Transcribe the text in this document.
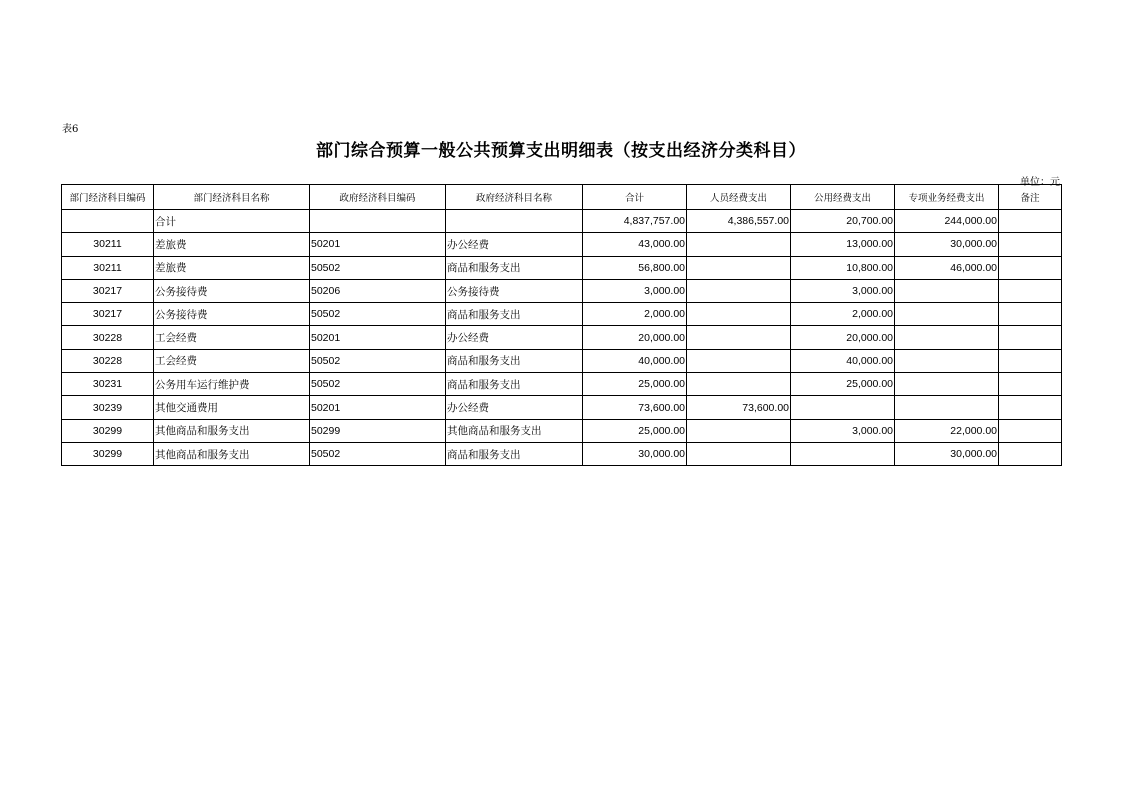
表6
部门综合预算一般公共预算支出明细表（按支出经济分类科目）
单位：元
部门经济科目编码	部门经济科目名称	政府经济科目编码	政府经济科目名称	合计	人员经费支出	公用经费支出	专项业务经费支出	备注
	合计			4,837,757.00	4,386,557.00	20,700.00	244,000.00	
30211	差旅费	50201	办公经费	43,000.00		13,000.00	30,000.00	
30211	差旅费	50502	商品和服务支出	56,800.00		10,800.00	46,000.00	
30217	公务接待费	50206	公务接待费	3,000.00		3,000.00		
30217	公务接待费	50502	商品和服务支出	2,000.00		2,000.00		
30228	工会经费	50201	办公经费	20,000.00		20,000.00		
30228	工会经费	50502	商品和服务支出	40,000.00		40,000.00		
30231	公务用车运行维护费	50502	商品和服务支出	25,000.00		25,000.00		
30239	其他交通费用	50201	办公经费	73,600.00	73,600.00			
30299	其他商品和服务支出	50299	其他商品和服务支出	25,000.00		3,000.00	22,000.00	
30299	其他商品和服务支出	50502	商品和服务支出	30,000.00			30,000.00	
